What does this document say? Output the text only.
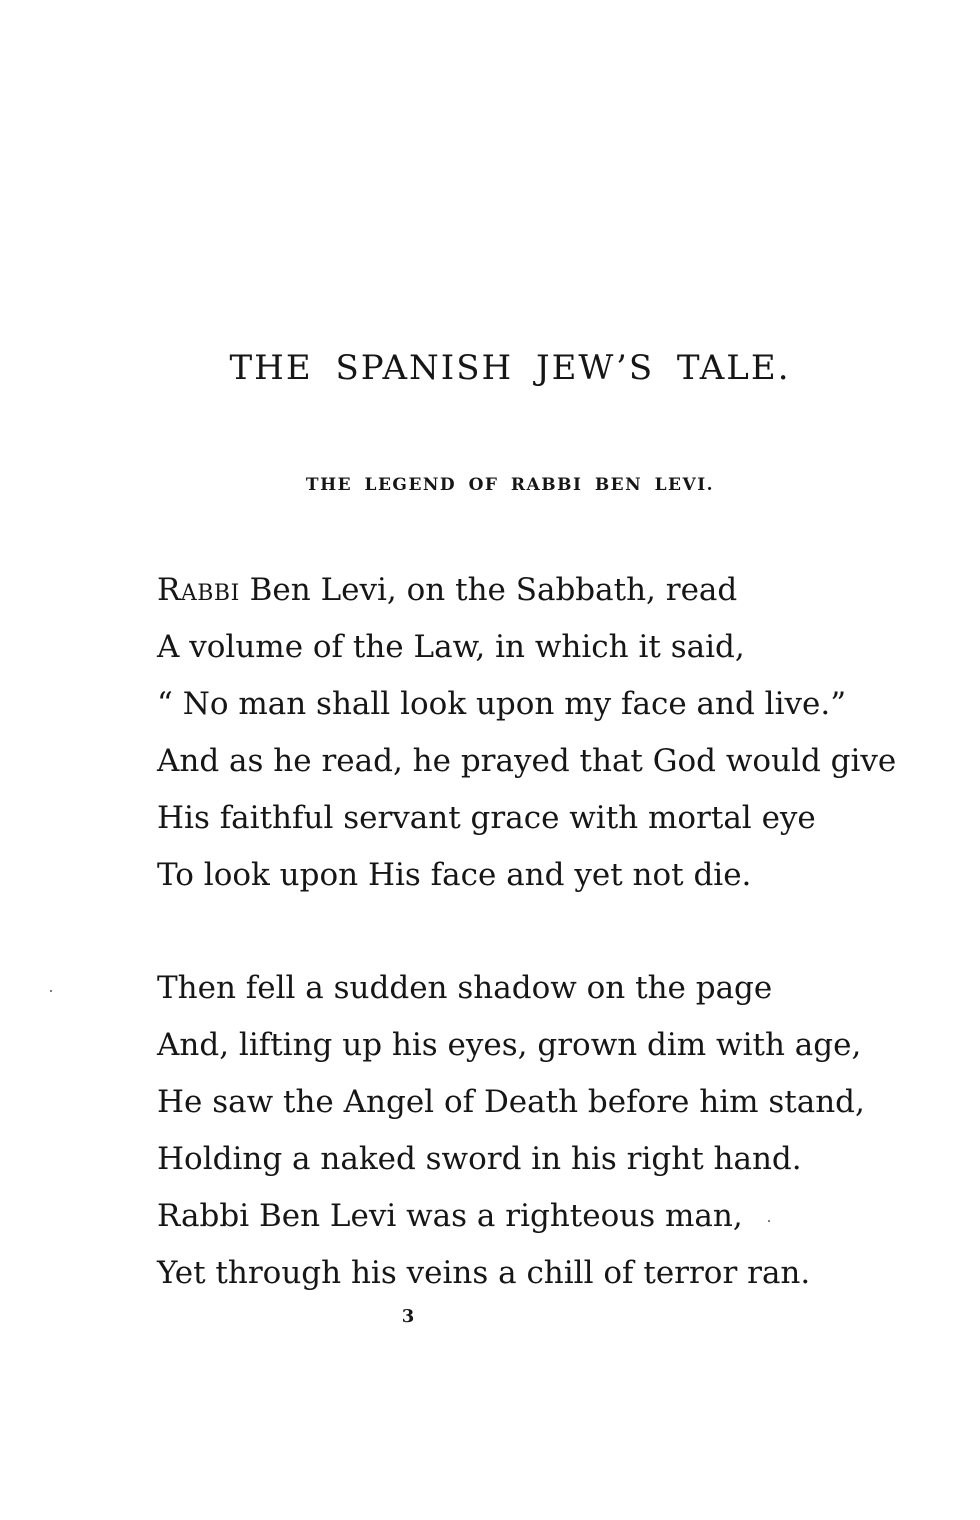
THE SPANISH JEW’S TALE.
THE LEGEND OF RABBI BEN LEVI.
Rabbi Ben Levi, on the Sabbath, read
A volume of the Law, in which it said,
“ No man shall look upon my face and live.”
And as he read, he prayed that God would give
His faithful servant grace with mortal eye
To look upon His face and yet not die.
Then fell a sudden shadow on the page
And, lifting up his eyes, grown dim with age,
He saw the Angel of Death before him stand,
Holding a naked sword in his right hand.
Rabbi Ben Levi was a righteous man,
Yet through his veins a chill of terror ran.
3
